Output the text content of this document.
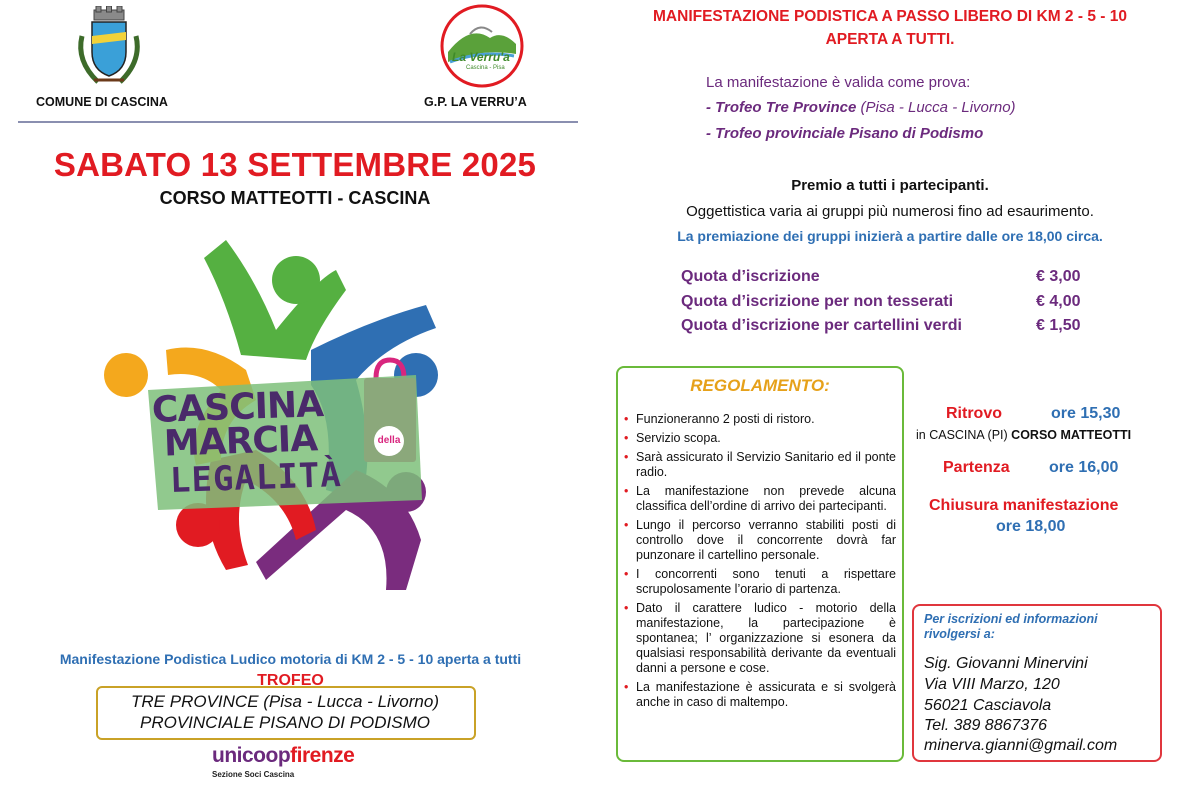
COMUNE DI CASCINA
La Verru'a
Cascina - Pisa
G.P. LA VERRU’A
SABATO 13 SETTEMBRE 2025
CORSO MATTEOTTI - CASCINA
CASCINA
MARCIA
LEGALITÀ
della
Manifestazione Podistica Ludico motoria di KM 2 - 5 - 10 aperta a tutti
TROFEO
TRE PROVINCE (Pisa - Lucca - Livorno)
PROVINCIALE PISANO DI PODISMO
unicoopfirenze
Sezione Soci Cascina
MANIFESTAZIONE PODISTICA A PASSO LIBERO DI KM 2 - 5 - 10
APERTA A TUTTI.
La manifestazione è valida come prova:
- Trofeo Tre Province (Pisa - Lucca - Livorno)
- Trofeo provinciale Pisano di Podismo
Premio a tutti i partecipanti.
Oggettistica varia ai gruppi più numerosi fino ad esaurimento.
La premiazione dei gruppi inizierà a partire dalle ore 18,00 circa.
Quota d’iscrizione	€ 3,00
Quota d’iscrizione per non tesserati	€ 4,00
Quota d’iscrizione per cartellini verdi	€ 1,50
REGOLAMENTO:
• Funzioneranno 2 posti di ristoro.
• Servizio scopa.
• Sarà assicurato il Servizio Sanitario ed il ponte radio.
• La manifestazione non prevede alcuna classifica dell’ordine di arrivo dei partecipanti.
• Lungo il percorso verranno stabiliti posti di controllo dove il concorrente dovrà far punzonare il cartellino personale.
• I concorrenti sono tenuti a rispettare scrupolosamente l’orario di partenza.
• Dato il carattere ludico - motorio della manifestazione, la partecipazione è spontanea; l’ organizzazione si esonera da qualsiasi responsabilità derivante da eventuali danni a persone e cose.
• La manifestazione è assicurata e si svolgerà anche in caso di maltempo.
Ritrovo	ore 15,30
in CASCINA (PI) CORSO MATTEOTTI
Partenza ore 16,00
Chiusura manifestazione
ore 18,00
Per iscrizioni ed informazioni
rivolgersi a:
Sig. Giovanni Minervini
Via VIII Marzo, 120
56021 Casciavola
Tel. 389 8867376
minerva.gianni@gmail.com
